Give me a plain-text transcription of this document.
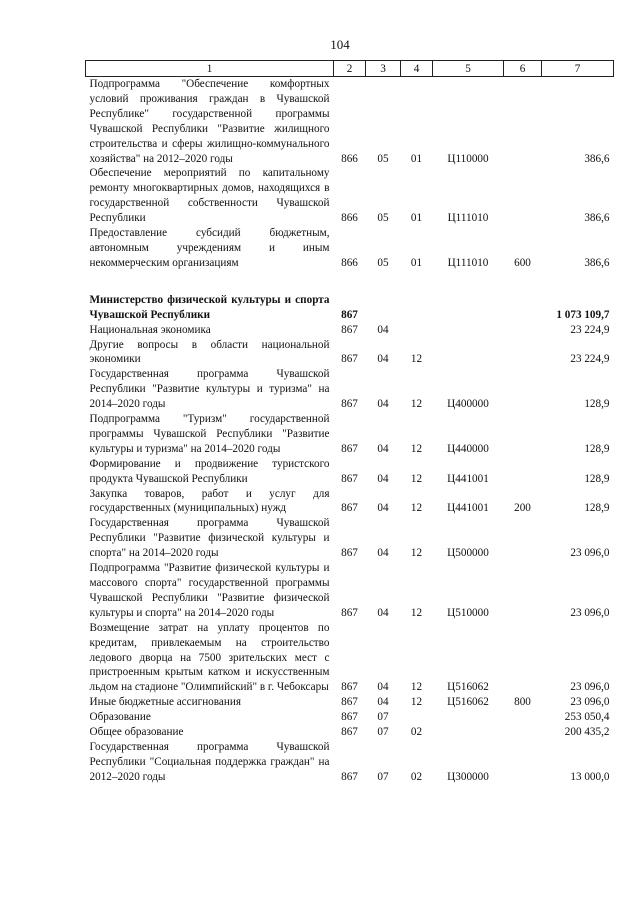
104
1	2	3	4	5	6	7
Подпрограмма "Обеспечение комфортных условий проживания граждан в Чувашской Республике" государственной программы Чувашской Республики "Развитие жилищного строительства и сферы жилищно-коммунального хозяйства" на 2012–2020 годы	866	05	01	Ц110000		386,6
Обеспечение мероприятий по капитальному ремонту многоквартирных домов, находящихся в государственной собственности Чувашской Республики	866	05	01	Ц111010		386,6
Предоставление субсидий бюджетным, автономным учреждениям и иным некоммерческим организациям	866	05	01	Ц111010	600	386,6

Министерство физической культуры и спорта Чувашской Республики	867					1 073 109,7
Национальная экономика	867	04				23 224,9
Другие вопросы в области национальной экономики	867	04	12			23 224,9
Государственная программа Чувашской Республики "Развитие культуры и туризма" на 2014–2020 годы	867	04	12	Ц400000		128,9
Подпрограмма "Туризм" государственной программы Чувашской Республики "Развитие культуры и туризма" на 2014–2020 годы	867	04	12	Ц440000		128,9
Формирование и продвижение туристского продукта Чувашской Республики	867	04	12	Ц441001		128,9
Закупка товаров, работ и услуг для государственных (муниципальных) нужд	867	04	12	Ц441001	200	128,9
Государственная программа Чувашской Республики "Развитие физической культуры и спорта" на 2014–2020 годы	867	04	12	Ц500000		23 096,0
Подпрограмма "Развитие физической культуры и массового спорта" государственной программы Чувашской Республики "Развитие физической культуры и спорта" на 2014–2020 годы	867	04	12	Ц510000		23 096,0
Возмещение затрат на уплату процентов по кредитам, привлекаемым на строительство ледового дворца на 7500 зрительских мест с пристроенным крытым катком и искусственным льдом на стадионе "Олимпийский" в г. Чебоксары	867	04	12	Ц516062		23 096,0
Иные бюджетные ассигнования	867	04	12	Ц516062	800	23 096,0
Образование	867	07				253 050,4
Общее образование	867	07	02			200 435,2
Государственная программа Чувашской Республики "Социальная поддержка граждан" на 2012–2020 годы	867	07	02	Ц300000		13 000,0
